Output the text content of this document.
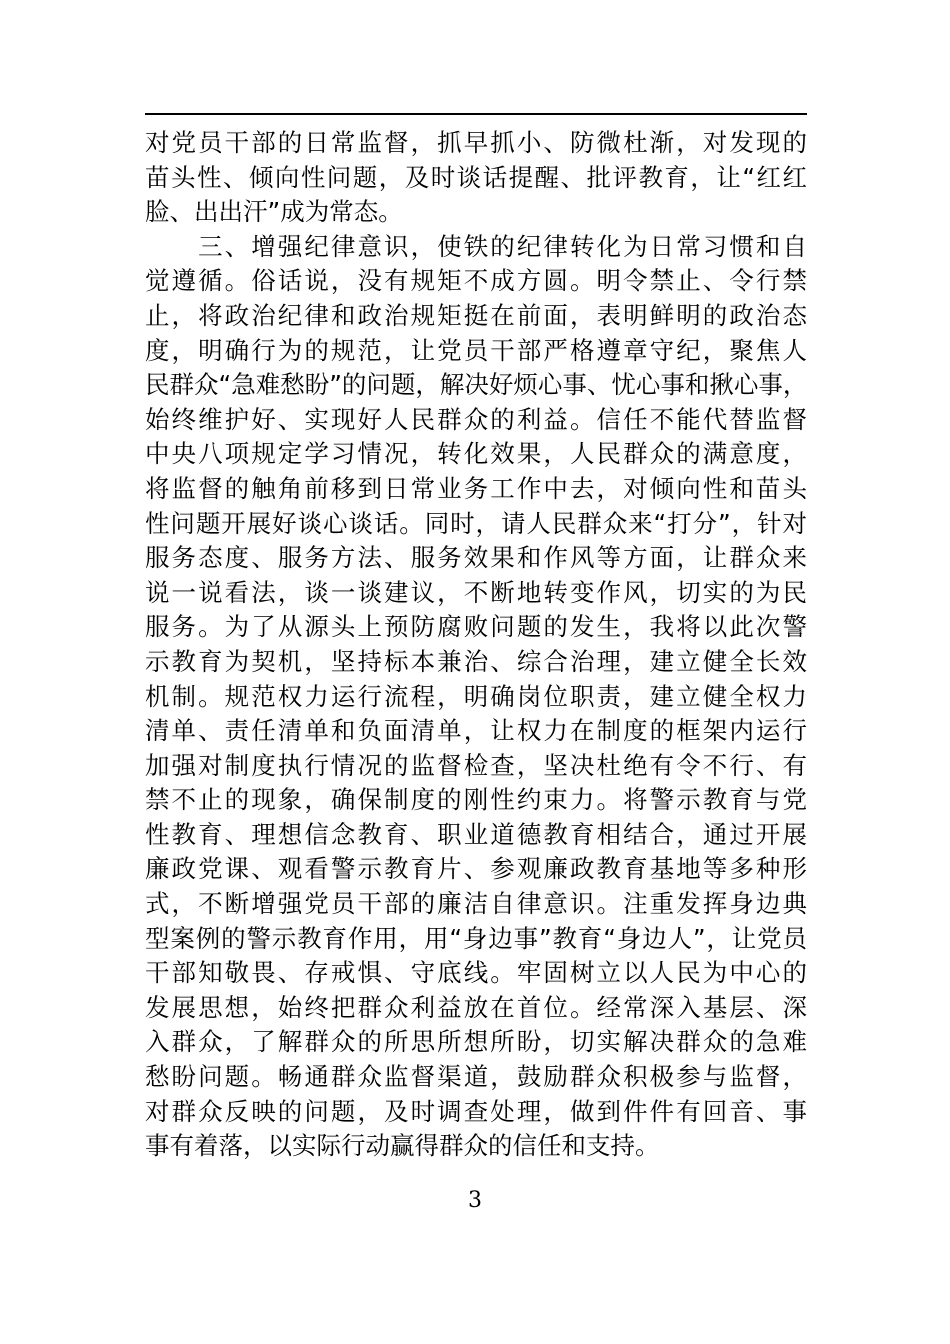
对党员干部的日常监督，抓早抓小、防微杜渐，对发现的
苗头性、倾向性问题，及时谈话提醒、批评教育，让“红红
脸、出出汗”成为常态。
　　三、增强纪律意识，使铁的纪律转化为日常习惯和自
觉遵循。俗话说，没有规矩不成方圆。明令禁止、令行禁
止，将政治纪律和政治规矩挺在前面，表明鲜明的政治态
度，明确行为的规范，让党员干部严格遵章守纪，聚焦人
民群众“急难愁盼”的问题，解决好烦心事、忧心事和揪心事，
始终维护好、实现好人民群众的利益。信任不能代替监督
中央八项规定学习情况，转化效果，人民群众的满意度，
将监督的触角前移到日常业务工作中去，对倾向性和苗头
性问题开展好谈心谈话。同时，请人民群众来“打分”，针对
服务态度、服务方法、服务效果和作风等方面，让群众来
说一说看法，谈一谈建议，不断地转变作风，切实的为民
服务。为了从源头上预防腐败问题的发生，我将以此次警
示教育为契机，坚持标本兼治、综合治理，建立健全长效
机制。规范权力运行流程，明确岗位职责，建立健全权力
清单、责任清单和负面清单，让权力在制度的框架内运行
加强对制度执行情况的监督检查，坚决杜绝有令不行、有
禁不止的现象，确保制度的刚性约束力。将警示教育与党
性教育、理想信念教育、职业道德教育相结合，通过开展
廉政党课、观看警示教育片、参观廉政教育基地等多种形
式，不断增强党员干部的廉洁自律意识。注重发挥身边典
型案例的警示教育作用，用“身边事”教育“身边人”，让党员
干部知敬畏、存戒惧、守底线。牢固树立以人民为中心的
发展思想，始终把群众利益放在首位。经常深入基层、深
入群众，了解群众的所思所想所盼，切实解决群众的急难
愁盼问题。畅通群众监督渠道，鼓励群众积极参与监督，
对群众反映的问题，及时调查处理，做到件件有回音、事
事有着落，以实际行动赢得群众的信任和支持。
3
